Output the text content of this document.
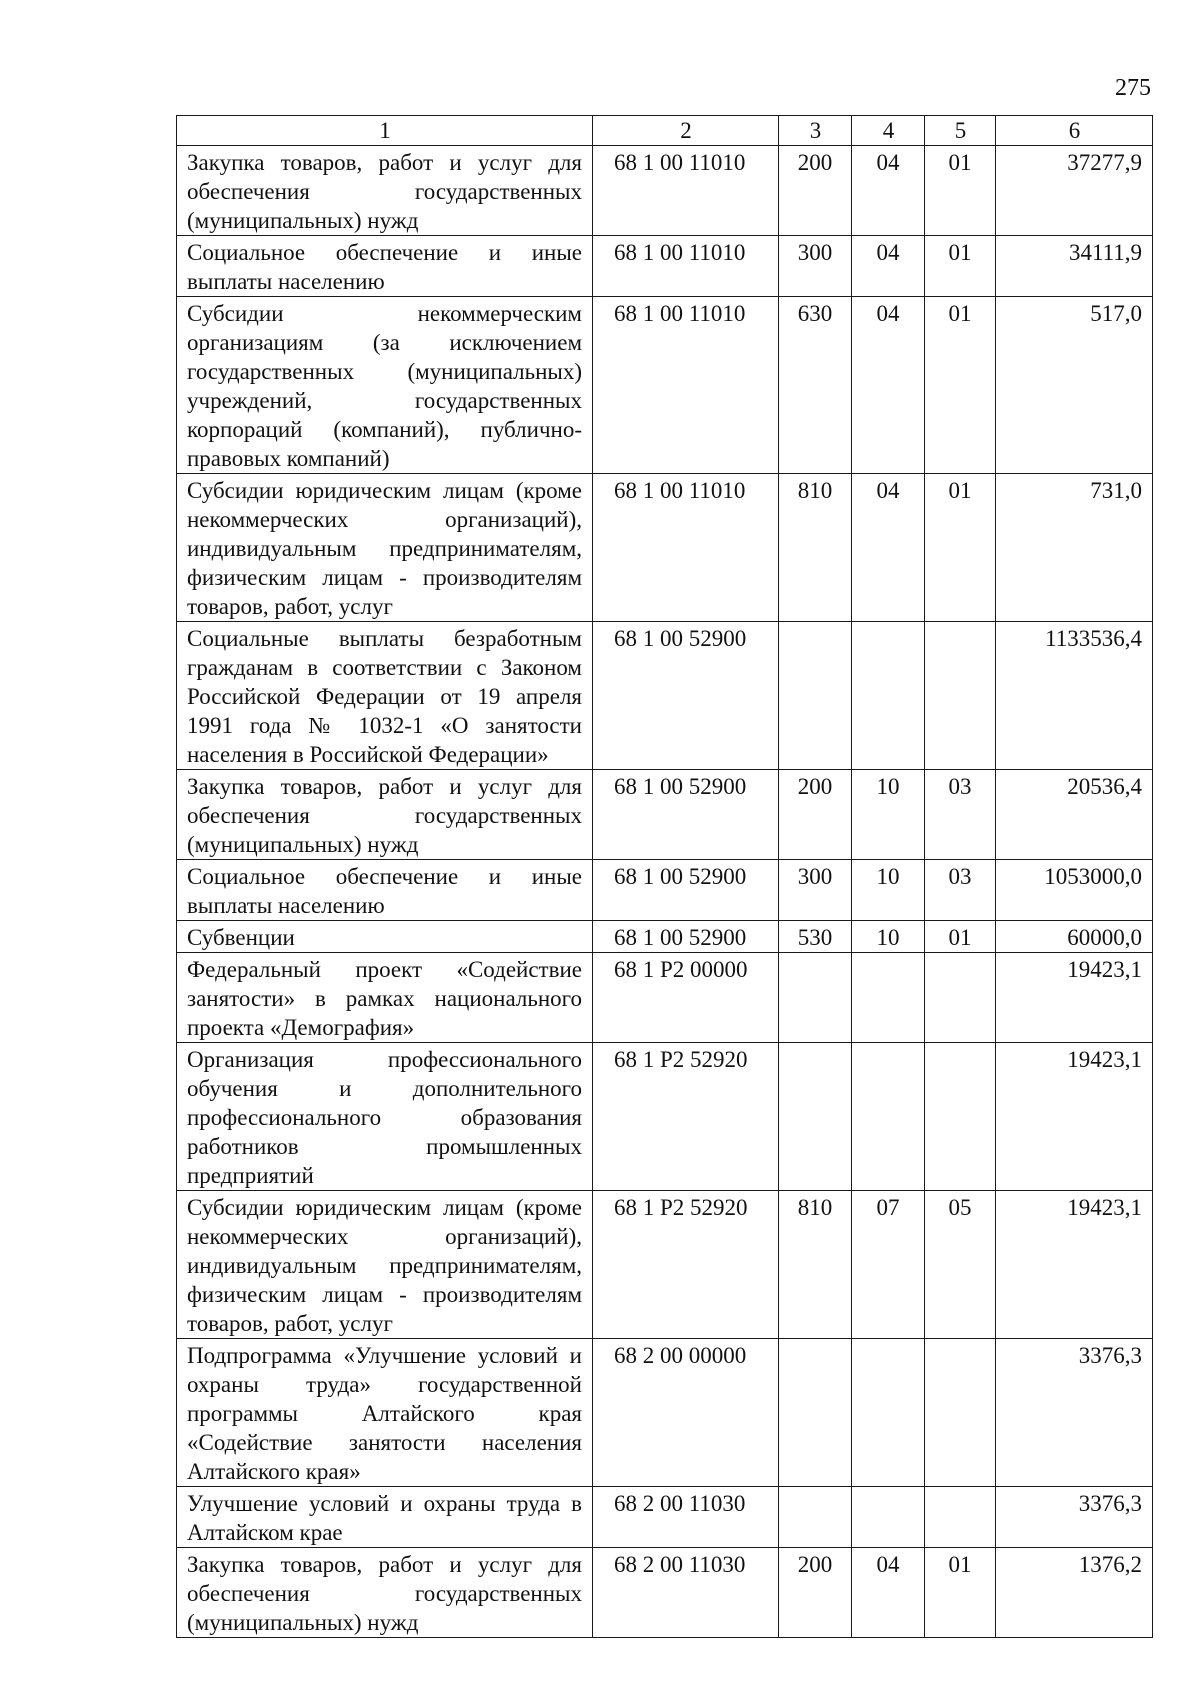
275
1	2	3	4	5	6
Закупка товаров, работ и услуг для обеспечения государственных (муниципальных) нужд	68 1 00 11010	200	04	01	37277,9
Социальное обеспечение и иные выплаты населению	68 1 00 11010	300	04	01	34111,9
Субсидии некоммерческим организациям (за исключением государственных (муниципальных) учреждений, государственных корпораций (компаний), публично-правовых компаний)	68 1 00 11010	630	04	01	517,0
Субсидии юридическим лицам (кроме некоммерческих организаций), индивидуальным предпринимателям, физическим лицам - производителям товаров, работ, услуг	68 1 00 11010	810	04	01	731,0
Социальные выплаты безработным гражданам в соответствии с Законом Российской Федерации от 19 апреля 1991 года № 1032-1 «О занятости населения в Российской Федерации»	68 1 00 52900				1133536,4
Закупка товаров, работ и услуг для обеспечения государственных (муниципальных) нужд	68 1 00 52900	200	10	03	20536,4
Социальное обеспечение и иные выплаты населению	68 1 00 52900	300	10	03	1053000,0
Субвенции	68 1 00 52900	530	10	01	60000,0
Федеральный проект «Содействие занятости» в рамках национального проекта «Демография»	68 1 P2 00000				19423,1
Организация профессионального обучения и дополнительного профессионального образования работников промышленных предприятий	68 1 P2 52920				19423,1
Субсидии юридическим лицам (кроме некоммерческих организаций), индивидуальным предпринимателям, физическим лицам - производителям товаров, работ, услуг	68 1 P2 52920	810	07	05	19423,1
Подпрограмма «Улучшение условий и охраны труда» государственной программы Алтайского края «Содействие занятости населения Алтайского края»	68 2 00 00000				3376,3
Улучшение условий и охраны труда в Алтайском крае	68 2 00 11030				3376,3
Закупка товаров, работ и услуг для обеспечения государственных (муниципальных) нужд	68 2 00 11030	200	04	01	1376,2
